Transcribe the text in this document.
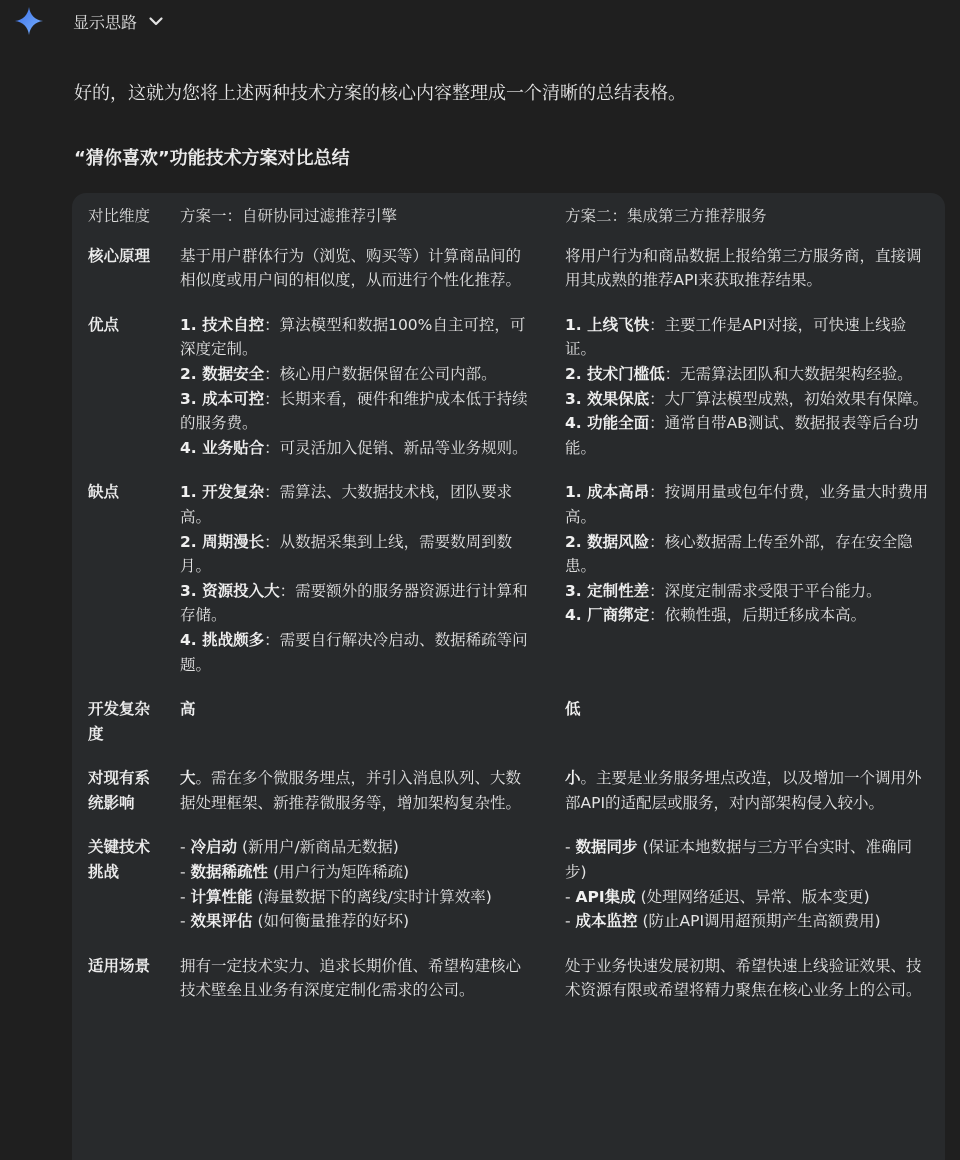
显示思路
好的，这就为您将上述两种技术方案的核心内容整理成一个清晰的总结表格。
“猜你喜欢”功能技术方案对比总结
对比维度	方案一：自研协同过滤推荐引擎	方案二：集成第三方推荐服务
核心原理	基于用户群体行为（浏览、购买等）计算商品间的相似度或用户间的相似度，从而进行个性化推荐。	将用户行为和商品数据上报给第三方服务商，直接调用其成熟的推荐API来获取推荐结果。
优点	1. 技术自控：算法模型和数据100%自主可控，可深度定制。
2. 数据安全：核心用户数据保留在公司内部。
3. 成本可控：长期来看，硬件和维护成本低于持续的服务费。
4. 业务贴合：可灵活加入促销、新品等业务规则。	1. 上线飞快：主要工作是API对接，可快速上线验证。
2. 技术门槛低：无需算法团队和大数据架构经验。
3. 效果保底：大厂算法模型成熟，初始效果有保障。
4. 功能全面：通常自带AB测试、数据报表等后台功能。

缺点	1. 开发复杂：需算法、大数据技术栈，团队要求高。
2. 周期漫长：从数据采集到上线，需要数周到数月。
3. 资源投入大：需要额外的服务器资源进行计算和存储。
4. 挑战颇多：需要自行解决冷启动、数据稀疏等问题。	1. 成本高昂：按调用量或包年付费，业务量大时费用高。
2. 数据风险：核心数据需上传至外部，存在安全隐患。
3. 定制性差：深度定制需求受限于平台能力。
4. 厂商绑定：依赖性强，后期迁移成本高。

开发复杂度	高	低
对现有系统影响	大。需在多个微服务埋点，并引入消息队列、大数据处理框架、新推荐微服务等，增加架构复杂性。	小。主要是业务服务埋点改造，以及增加一个调用外部API的适配层或服务，对内部架构侵入较小。
关键技术挑战	- 冷启动 (新用户/新商品无数据)
- 数据稀疏性 (用户行为矩阵稀疏)
- 计算性能 (海量数据下的离线/实时计算效率)
- 效果评估 (如何衡量推荐的好坏)	- 数据同步 (保证本地数据与三方平台实时、准确同步)
- API集成 (处理网络延迟、异常、版本变更)
- 成本监控 (防止API调用超预期产生高额费用)

适用场景	拥有一定技术实力、追求长期价值、希望构建核心技术壁垒且业务有深度定制化需求的公司。	处于业务快速发展初期、希望快速上线验证效果、技术资源有限或希望将精力聚焦在核心业务上的公司。
